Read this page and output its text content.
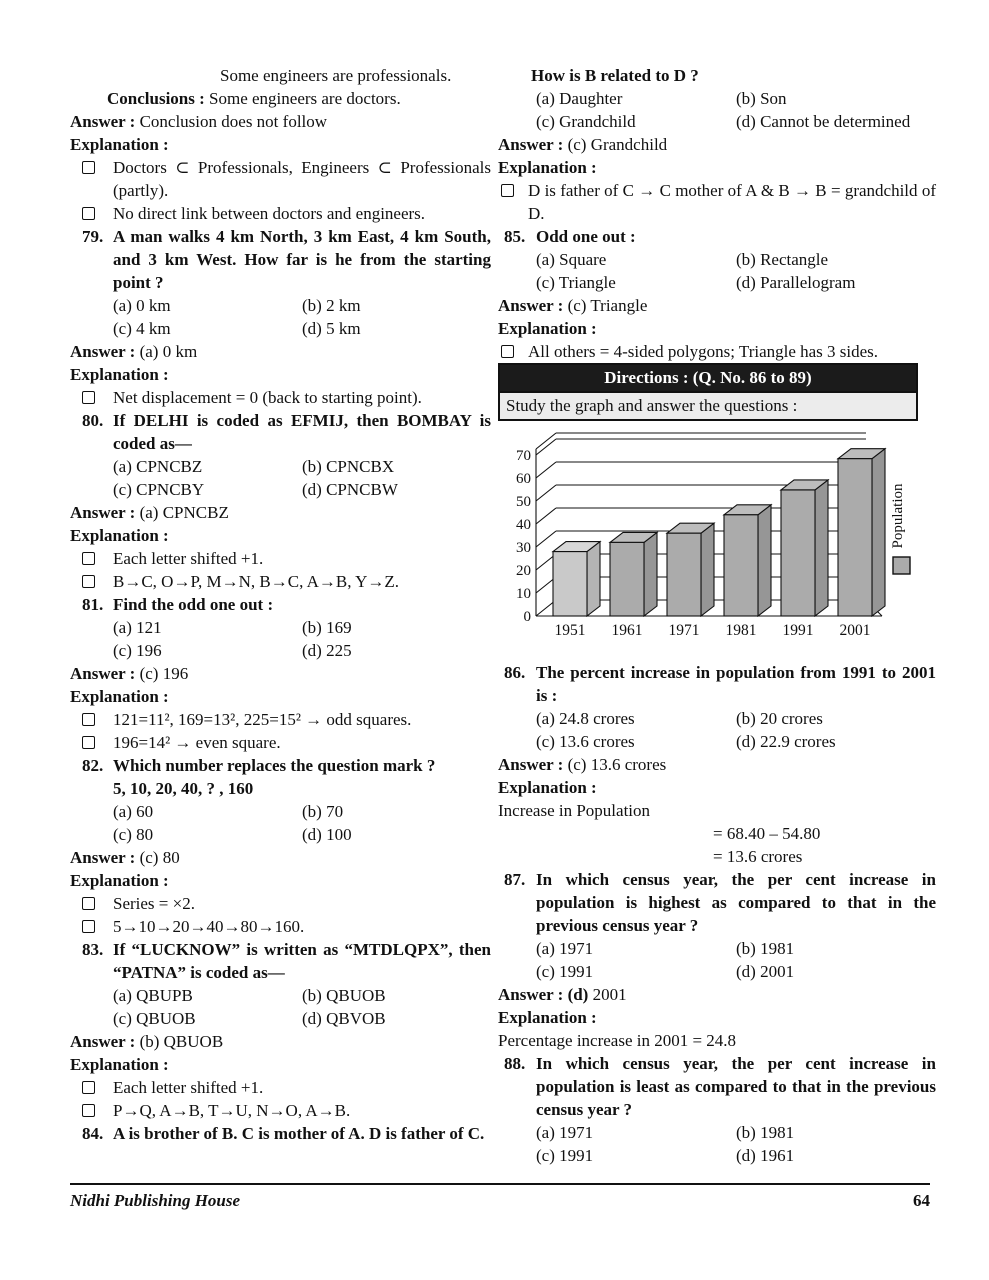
Some engineers are professionals.
Conclusions : Some engineers are doctors.
Answer : Conclusion does not follow
Explanation :
Doctors ⊂ Professionals, Engineers ⊂ Professionals (partly).
No direct link between doctors and engineers.
79. A man walks 4 km North, 3 km East, 4 km South, and 3 km West. How far is he from the starting point ?
(a) 0 km	(b) 2 km
(c) 4 km	(d) 5 km
Answer : (a) 0 km
Explanation :
Net displacement = 0 (back to starting point).
80. If DELHI is coded as EFMIJ, then BOMBAY is coded as—
(a) CPNCBZ	(b) CPNCBX
(c) CPNCBY	(d) CPNCBW
Answer : (a) CPNCBZ
Explanation :
Each letter shifted +1.
B→C, O→P, M→N, B→C, A→B, Y→Z.
81. Find the odd one out :
(a) 121	(b) 169
(c) 196	(d) 225
Answer : (c) 196
Explanation :
121=11², 169=13², 225=15² → odd squares.
196=14² → even square.
82. Which number replaces the question mark ?
5, 10, 20, 40, ? , 160
(a) 60	(b) 70
(c) 80	(d) 100
Answer : (c) 80
Explanation :
Series = ×2.
5→10→20→40→80→160.
83. If “LUCKNOW” is written as “MTDLQPX”, then “PATNA” is coded as—
(a) QBUPB	(b) QBUOB
(c) QBUOB	(d) QBVOB
Answer : (b) QBUOB
Explanation :
Each letter shifted +1.
P→Q, A→B, T→U, N→O, A→B.
84. A is brother of B. C is mother of A. D is father of C.
How is B related to D ?
(a) Daughter	(b) Son
(c) Grandchild	(d) Cannot be determined
Answer : (c) Grandchild
Explanation :
D is father of C → C mother of A & B → B = grandchild of D.
85. Odd one out :
(a) Square	(b) Rectangle
(c) Triangle	(d) Parallelogram
Answer : (c) Triangle
Explanation :
All others = 4-sided polygons; Triangle has 3 sides.
Directions : (Q. No. 86 to 89)
Study the graph and answer the questions :
0
10
20
30
40
50
60
70
1951 1961 1971 1981 1991 2001
Population
86. The percent increase in population from 1991 to 2001 is :
(a) 24.8 crores	(b) 20 crores
(c) 13.6 crores	(d) 22.9 crores
Answer : (c) 13.6 crores
Explanation :
Increase in Population
= 68.40 – 54.80
= 13.6 crores
87. In which census year, the per cent increase in population is highest as compared to that in the previous census year ?
(a) 1971	(b) 1981
(c) 1991	(d) 2001
Answer : (d) 2001
Explanation :
Percentage increase in 2001 = 24.8
88. In which census year, the per cent increase in population is least as compared to that in the previous census year ?
(a) 1971	(b) 1981
(c) 1991	(d) 1961
Nidhi Publishing House	64
